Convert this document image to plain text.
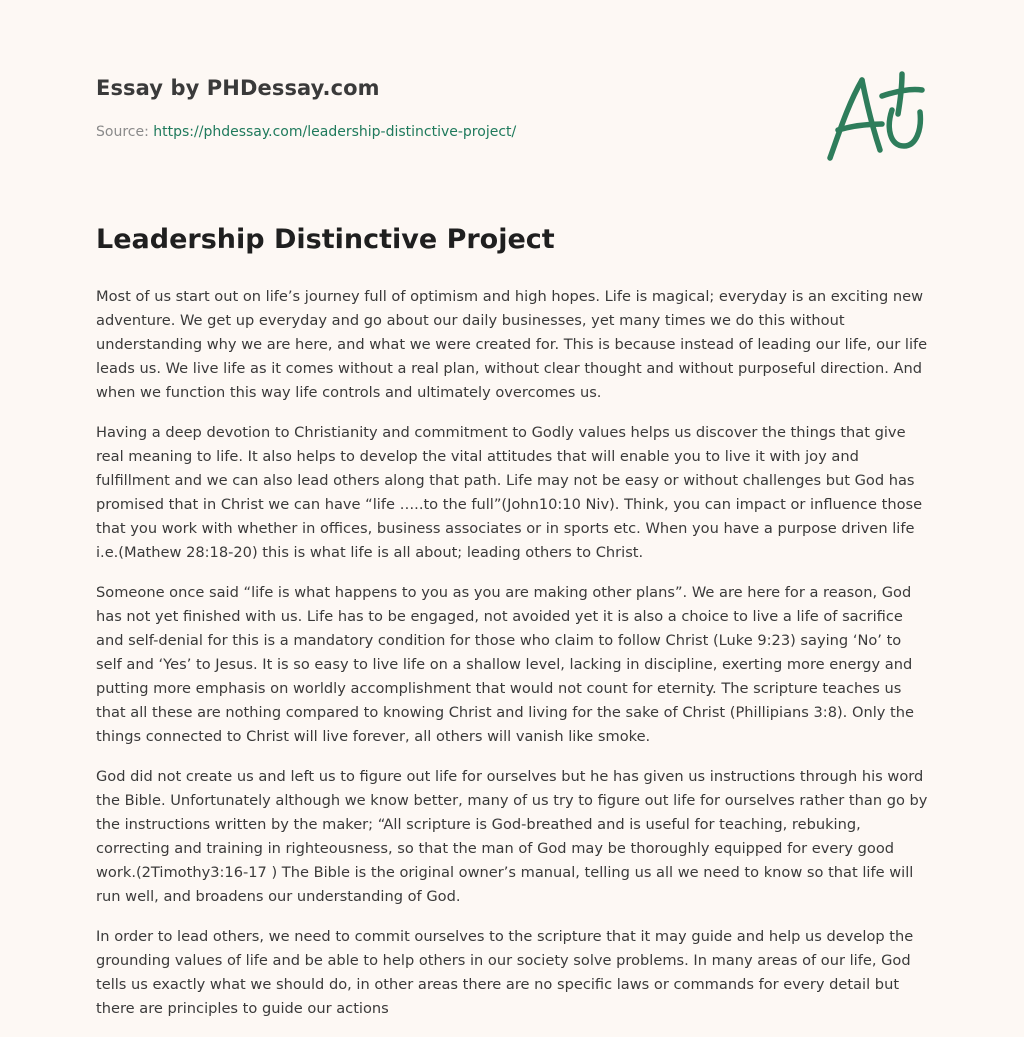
Essay by PHDessay.com
Source: https://phdessay.com/leadership-distinctive-project/
Leadership Distinctive Project

Most of us start out on life’s journey full of optimism and high hopes. Life is magical; everyday is an exciting new adventure. We get up everyday and go about our daily businesses, yet many times we do this without understanding why we are here, and what we were created for. This is because instead of leading our life, our life leads us. We live life as it comes without a real plan, without clear thought and without purposeful direction. And when we function this way life controls and ultimately overcomes us.

Having a deep devotion to Christianity and commitment to Godly values helps us discover the things that give real meaning to life. It also helps to develop the vital attitudes that will enable you to live it with joy and fulfillment and we can also lead others along that path. Life may not be easy or without challenges but God has promised that in Christ we can have “life …..to the full”(John10:10 Niv). Think, you can impact or influence those that you work with whether in offices, business associates or in sports etc. When you have a purpose driven life i.e.(Mathew 28:18-20) this is what life is all about; leading others to Christ.

Someone once said “life is what happens to you as you are making other plans”. We are here for a reason, God has not yet finished with us. Life has to be engaged, not avoided yet it is also a choice to live a life of sacrifice and self-denial for this is a mandatory condition for those who claim to follow Christ (Luke 9:23) saying ‘No’ to self and ‘Yes’ to Jesus. It is so easy to live life on a shallow level, lacking in discipline, exerting more energy and putting more emphasis on worldly accomplishment that would not count for eternity. The scripture teaches us that all these are nothing compared to knowing Christ and living for the sake of Christ (Phillipians 3:8). Only the things connected to Christ will live forever, all others will vanish like smoke.

God did not create us and left us to figure out life for ourselves but he has given us instructions through his word the Bible. Unfortunately although we know better, many of us try to figure out life for ourselves rather than go by the instructions written by the maker; “All scripture is God-breathed and is useful for teaching, rebuking, correcting and training in righteousness, so that the man of God may be thoroughly equipped for every good work.(2Timothy3:16-17 ) The Bible is the original owner’s manual, telling us all we need to know so that life will run well, and broadens our understanding of God.

In order to lead others, we need to commit ourselves to the scripture that it may guide and help us develop the grounding values of life and be able to help others in our society solve problems. In many areas of our life, God tells us exactly what we should do, in other areas there are no specific laws or commands for every detail but there are principles to guide our actions
